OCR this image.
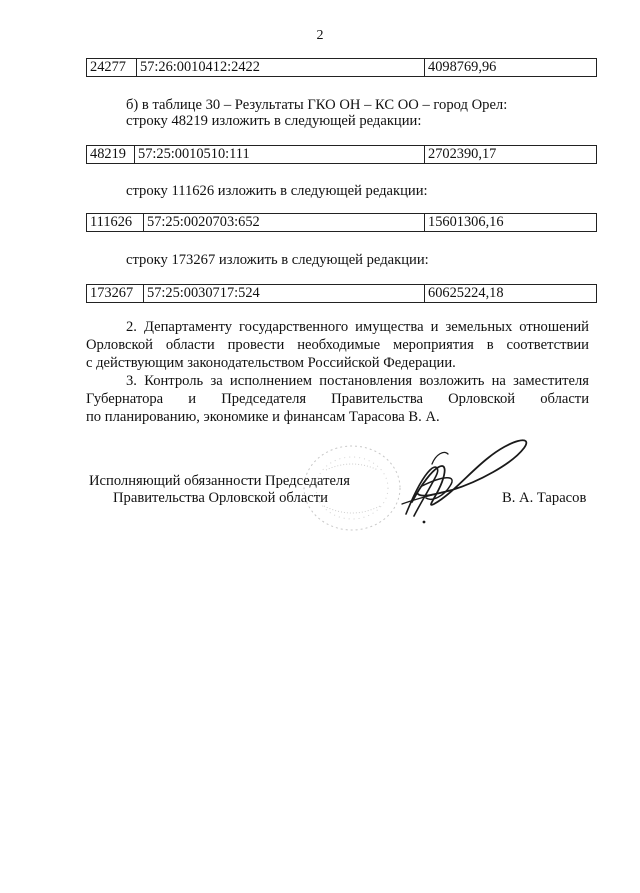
2
24277	57:26:0010412:2422	4098769,96
б) в таблице 30 – Результаты ГКО ОН – КС ОО – город Орел:
строку 48219 изложить в следующей редакции:
48219	57:25:0010510:111	2702390,17
строку 111626 изложить в следующей редакции:
111626	57:25:0020703:652	15601306,16
строку 173267 изложить в следующей редакции:
173267	57:25:0030717:524	60625224,18
2. Департаменту государственного имущества и земельных отношений
Орловской области провести необходимые мероприятия в соответствии
с действующим законодательством Российской Федерации.
3. Контроль за исполнением постановления возложить на заместителя
Губернатора и Председателя Правительства Орловской области
по планированию, экономике и финансам Тарасова В. А.
Исполняющий обязанности Председателя
Правительства Орловской области	В. А. Тарасов
